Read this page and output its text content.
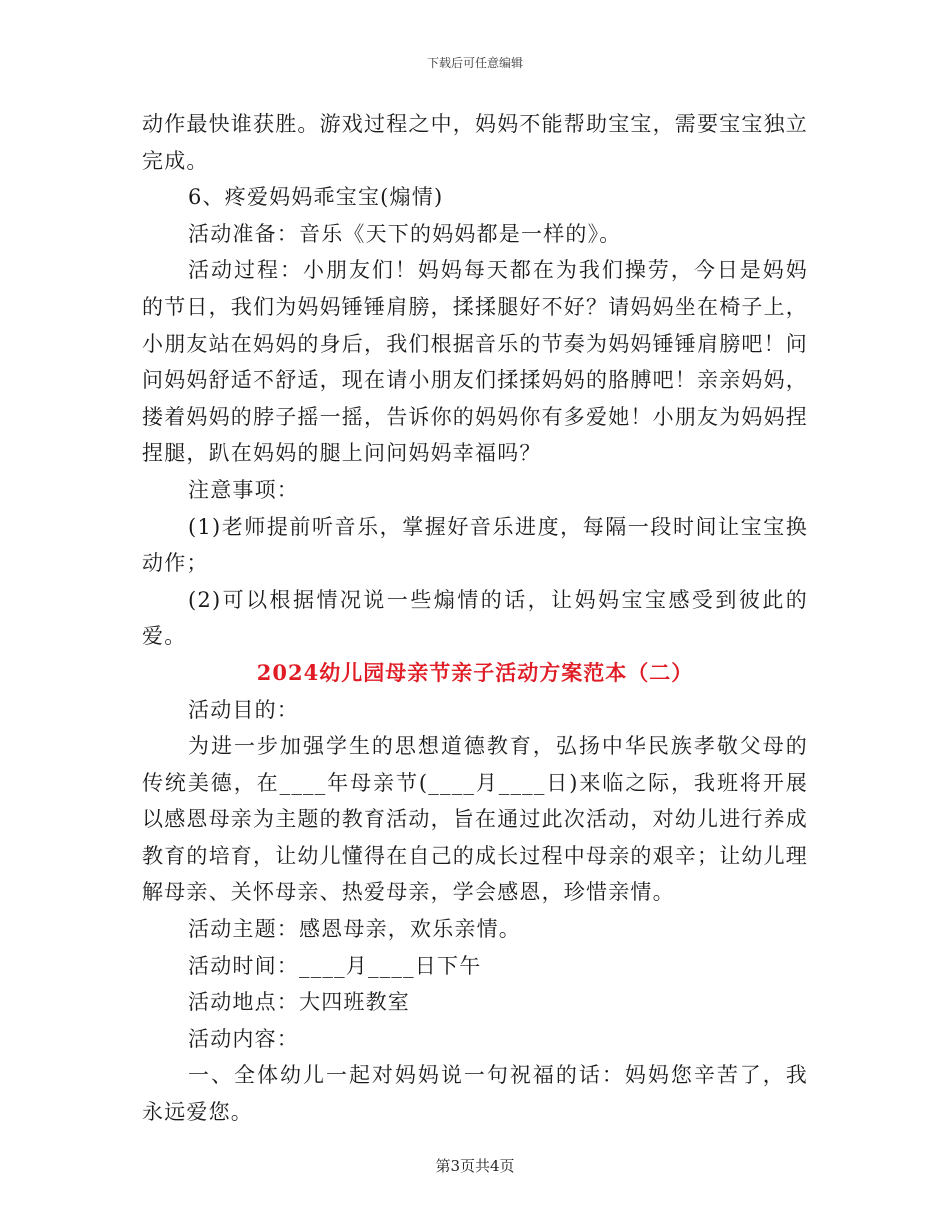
下载后可任意编辑

动作最快谁获胜。游戏过程之中，妈妈不能帮助宝宝，需要宝宝独立完成。

6、疼爱妈妈乖宝宝(煽情)

活动准备：音乐《天下的妈妈都是一样的》。

活动过程：小朋友们！妈妈每天都在为我们操劳，今日是妈妈的节日，我们为妈妈锤锤肩膀，揉揉腿好不好？请妈妈坐在椅子上，小朋友站在妈妈的身后，我们根据音乐的节奏为妈妈锤锤肩膀吧！问问妈妈舒适不舒适，现在请小朋友们揉揉妈妈的胳膊吧！亲亲妈妈，搂着妈妈的脖子摇一摇，告诉你的妈妈你有多爱她！小朋友为妈妈捏捏腿，趴在妈妈的腿上问问妈妈幸福吗？

注意事项：

(1)老师提前听音乐，掌握好音乐进度，每隔一段时间让宝宝换动作；

(2)可以根据情况说一些煽情的话，让妈妈宝宝感受到彼此的爱。

2024幼儿园母亲节亲子活动方案范本（二）

活动目的：

为进一步加强学生的思想道德教育，弘扬中华民族孝敬父母的传统美德，在____年母亲节(____月____日)来临之际，我班将开展以感恩母亲为主题的教育活动，旨在通过此次活动，对幼儿进行养成教育的培育，让幼儿懂得在自己的成长过程中母亲的艰辛；让幼儿理解母亲、关怀母亲、热爱母亲，学会感恩，珍惜亲情。

活动主题：感恩母亲，欢乐亲情。

活动时间：____月____日下午

活动地点：大四班教室

活动内容：

一、全体幼儿一起对妈妈说一句祝福的话：妈妈您辛苦了，我永远爱您。

第3页共4页
